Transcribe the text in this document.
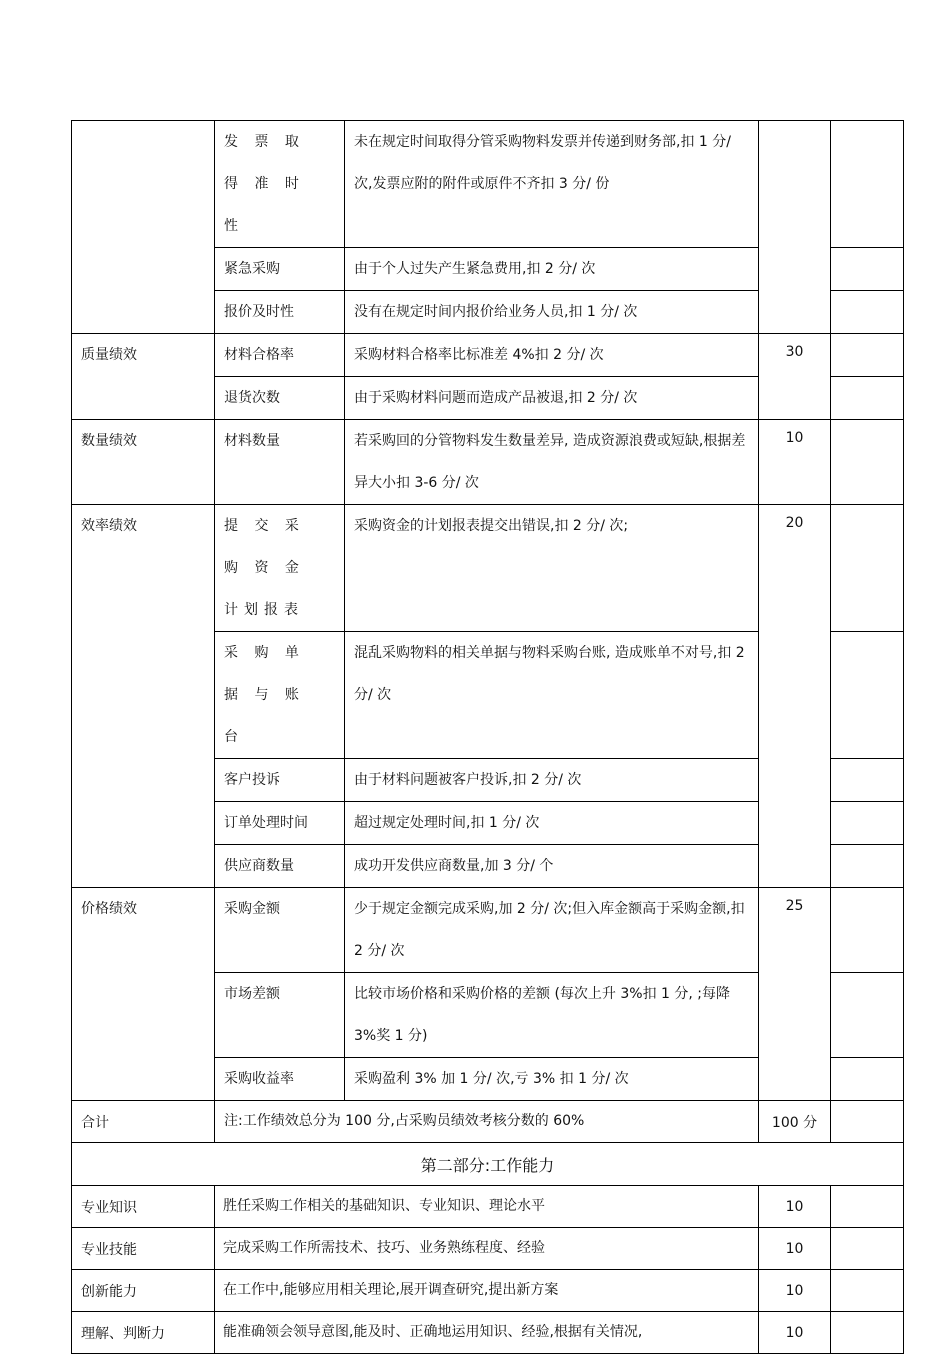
	发 票 取 得 准 时 性	未在规定时间取得分管采购物料发票并传递到财务部,扣 1 分/ 次,发票应附的附件或原件不齐扣 3 分/ 份		
	紧急采购	由于个人过失产生紧急费用,扣 2 分/ 次		
	报价及时性	没有在规定时间内报价给业务人员,扣 1 分/ 次		
质量绩效	材料合格率	采购材料合格率比标准差 4%扣 2 分/ 次	30	
	退货次数	由于采购材料问题而造成产品被退,扣 2 分/ 次		
数量绩效	材料数量	若采购回的分管物料发生数量差异, 造成资源浪费或短缺,根据差异大小扣 3-6 分/ 次	10	
效率绩效	提 交 采 购 资 金 计划报表	采购资金的计划报表提交出错误,扣 2 分/ 次;	20	
	采 购 单 据 与 账 台	混乱采购物料的相关单据与物料采购台账, 造成账单不对号,扣 2 分/ 次		
	客户投诉	由于材料问题被客户投诉,扣 2 分/ 次		
	订单处理时间	超过规定处理时间,扣 1 分/ 次		
	供应商数量	成功开发供应商数量,加 3 分/ 个		
价格绩效	采购金额	少于规定金额完成采购,加 2 分/ 次;但入库金额高于采购金额,扣 2 分/ 次	25	
	市场差额	比较市场价格和采购价格的差额 (每次上升 3%扣 1 分, ;每降 3%奖 1 分)		
	采购收益率	采购盈利 3% 加 1 分/ 次,亏 3% 扣 1 分/ 次		
合计	注:工作绩效总分为 100 分,占采购员绩效考核分数的 60%		100 分	
第二部分:工作能力				
专业知识	胜任采购工作相关的基础知识、专业知识、理论水平		10	
专业技能	完成采购工作所需技术、技巧、业务熟练程度、经验		10	
创新能力	在工作中,能够应用相关理论,展开调查研究,提出新方案		10	
理解、判断力	能准确领会领导意图,能及时、正确地运用知识、经验,根据有关情况,		10	
